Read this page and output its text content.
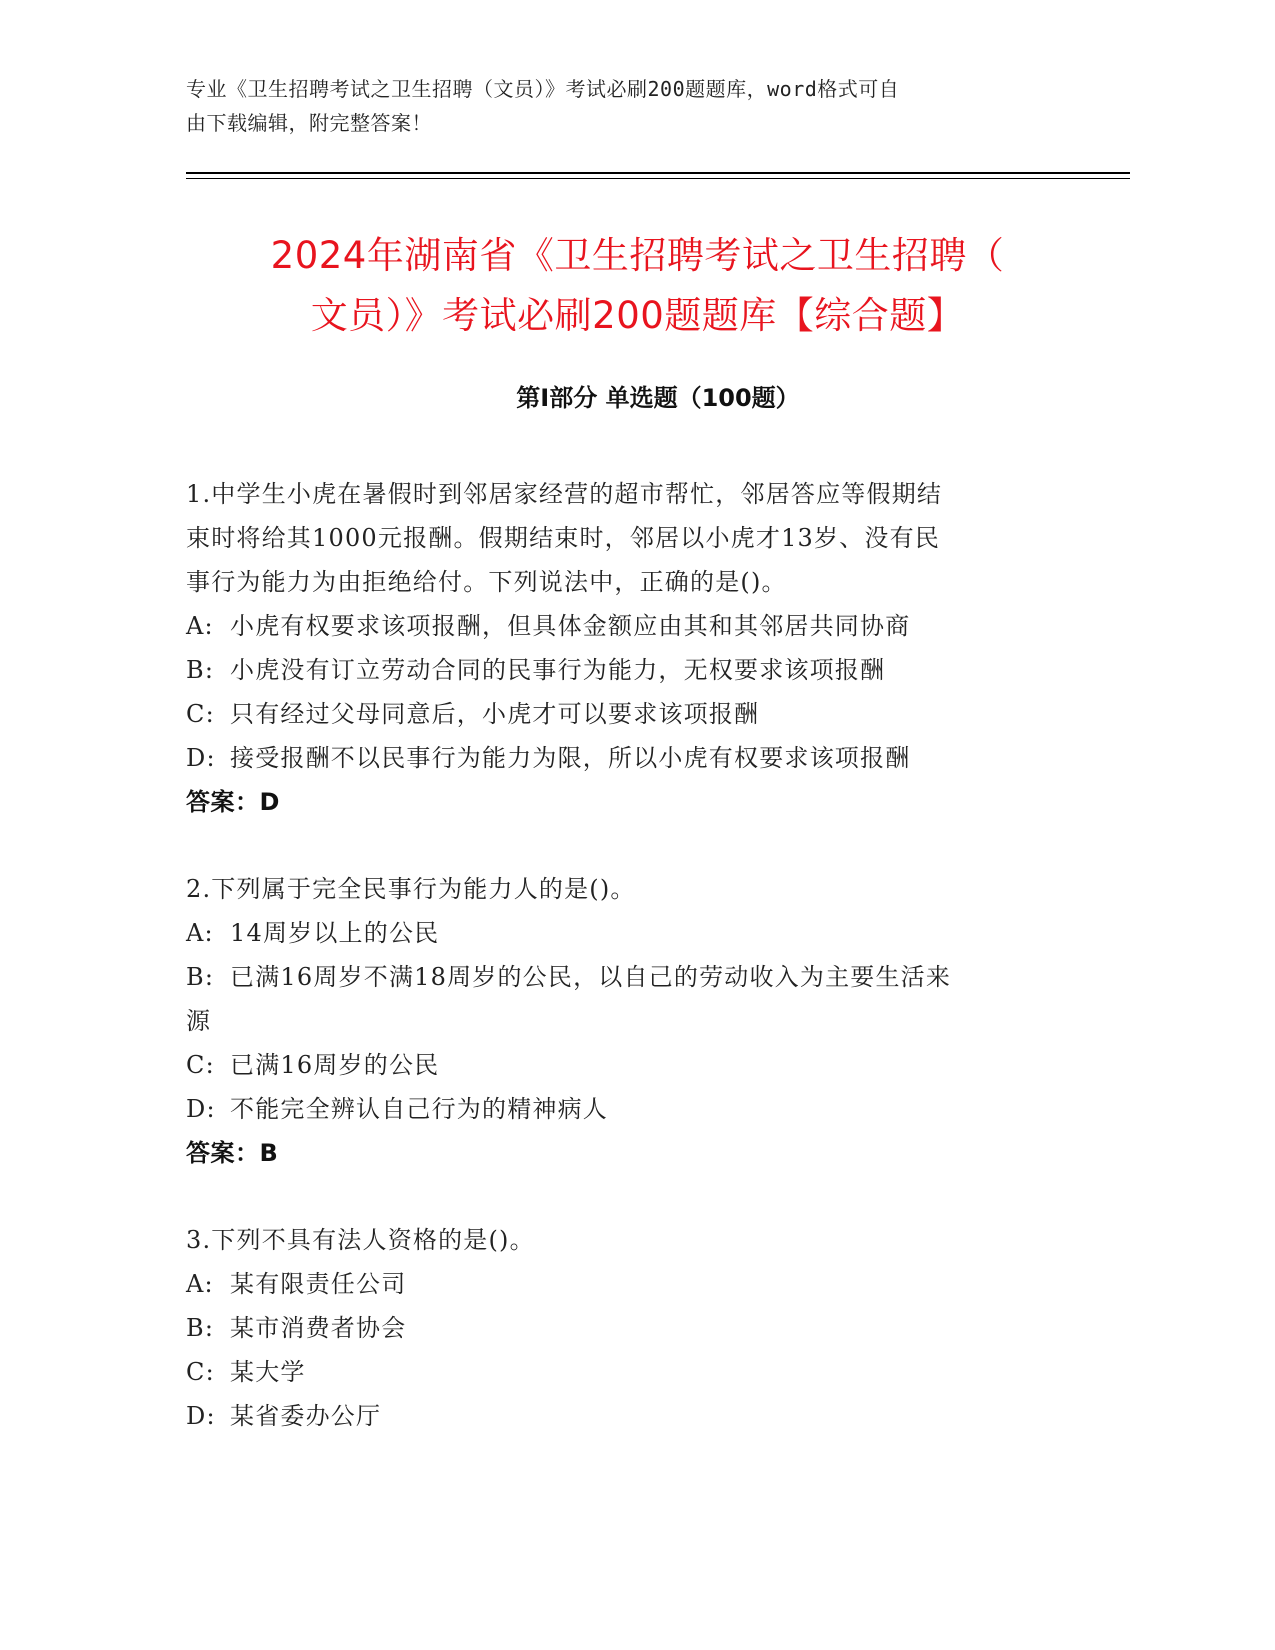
专业《卫生招聘考试之卫生招聘（文员）》考试必刷200题题库，word格式可自
由下载编辑，附完整答案！
2024年湖南省《卫生招聘考试之卫生招聘（
文员）》考试必刷200题题库【综合题】
第Ⅰ部分 单选题（100题）
1.中学生小虎在暑假时到邻居家经营的超市帮忙，邻居答应等假期结
束时将给其1000元报酬。假期结束时，邻居以小虎才13岁、没有民
事行为能力为由拒绝给付。下列说法中，正确的是()。
A: 小虎有权要求该项报酬，但具体金额应由其和其邻居共同协商
B: 小虎没有订立劳动合同的民事行为能力，无权要求该项报酬
C: 只有经过父母同意后，小虎才可以要求该项报酬
D: 接受报酬不以民事行为能力为限，所以小虎有权要求该项报酬
答案：D
2.下列属于完全民事行为能力人的是()。
A: 14周岁以上的公民
B: 已满16周岁不满18周岁的公民，以自己的劳动收入为主要生活来
源
C: 已满16周岁的公民
D: 不能完全辨认自己行为的精神病人
答案：B
3.下列不具有法人资格的是()。
A: 某有限责任公司
B: 某市消费者协会
C: 某大学
D: 某省委办公厅
